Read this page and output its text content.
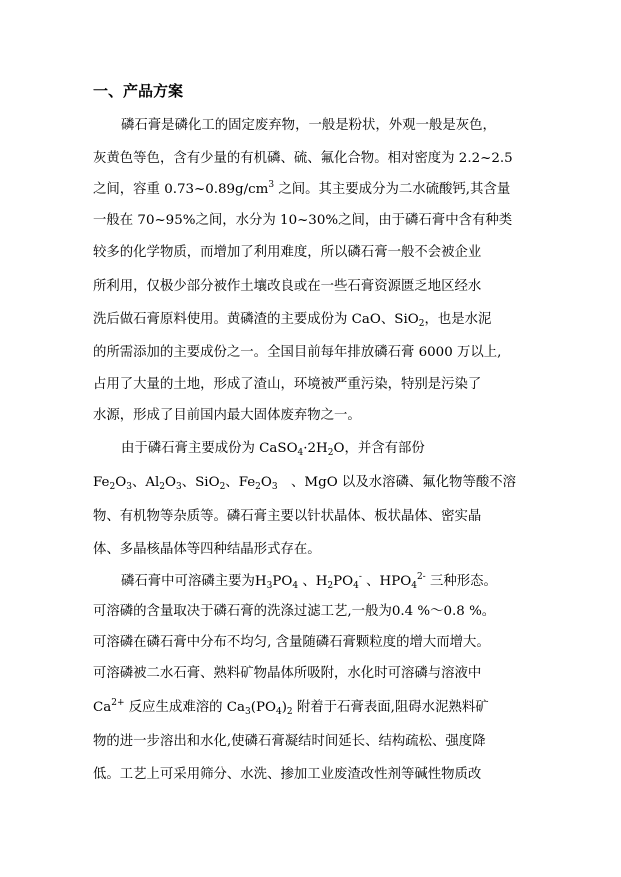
一、产品方案
磷石膏是磷化工的固定废弃物，一般是粉状，外观一般是灰色，
灰黄色等色，含有少量的有机磷、硫、氟化合物。相对密度为 2.2~2.5
之间，容重 $0.73\sim 0.89g/cm^3$ 之间。其主要成分为二水硫酸钙,其含量
一般在 70~95%之间，水分为 10~30%之间，由于磷石膏中含有种类
较多的化学物质，而增加了利用难度，所以磷石膏一般不会被企业
所利用，仅极少部分被作土壤改良或在一些石膏资源匮乏地区经水
洗后做石膏原料使用。黄磷渣的主要成份为 CaO、SiO$_2$，也是水泥
的所需添加的主要成份之一。全国目前每年排放磷石膏 6000 万以上,
占用了大量的土地，形成了渣山，环境被严重污染，特别是污染了
水源，形成了目前国内最大固体废弃物之一。
由于磷石膏主要成份为 $CaSO_4\cdot 2H_2O$，并含有部份
$Fe_2O_3$、$Al_2O_3$、SiO$_2$、$Fe_2O_3$　、MgO 以及水溶磷、氟化物等酸不溶
物、有机物等杂质等。磷石膏主要以针状晶体、板状晶体、密实晶
体、多晶核晶体等四种结晶形式存在。
磷石膏中可溶磷主要为$H_3PO_4$ 、$H_2PO_4^-$ 、$HPO_4^{2-}$ 三种形态。
可溶磷的含量取决于磷石膏的洗涤过滤工艺,一般为0.4 %～0.8 %。
可溶磷在磷石膏中分布不均匀, 含量随磷石膏颗粒度的增大而增大。
可溶磷被二水石膏、熟料矿物晶体所吸附，水化时可溶磷与溶液中
$Ca^{2+}$ 反应生成难溶的 $Ca_3(PO_4)_2$ 附着于石膏表面,阻碍水泥熟料矿
物的进一步溶出和水化,使磷石膏凝结时间延长、结构疏松、强度降
低。工艺上可采用筛分、水洗、掺加工业废渣改性剂等碱性物质改
